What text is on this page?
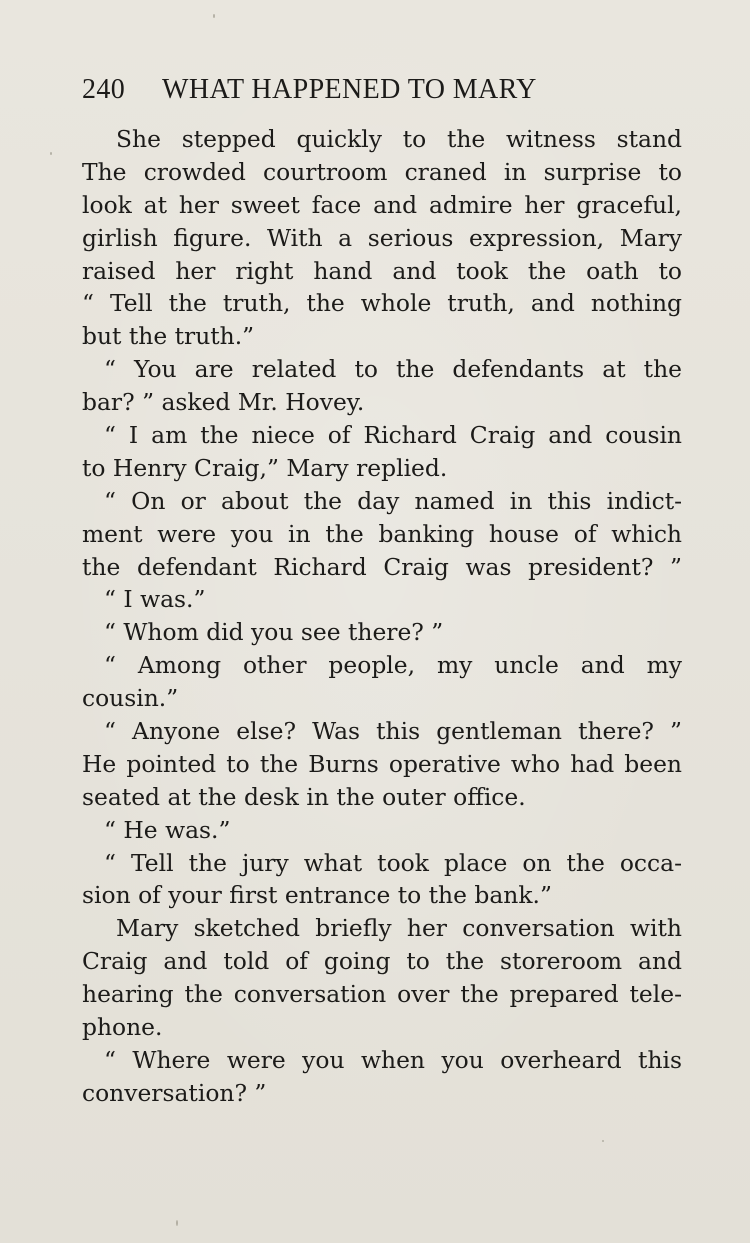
240 WHAT HAPPENED TO MARY
She stepped quickly to the witness stand
The crowded courtroom craned in surprise to
look at her sweet face and admire her graceful,
girlish figure. With a serious expression, Mary
raised her right hand and took the oath to
“ Tell the truth, the whole truth, and nothing
but the truth.”
“ You are related to the defendants at the
bar? ” asked Mr. Hovey.
“ I am the niece of Richard Craig and cousin
to Henry Craig,” Mary replied.
“ On or about the day named in this indict-
ment were you in the banking house of which
the defendant Richard Craig was president? ”
“ I was.”
“ Whom did you see there? ”
“ Among other people, my uncle and my
cousin.”
“ Anyone else? Was this gentleman there? ”
He pointed to the Burns operative who had been
seated at the desk in the outer office.
“ He was.”
“ Tell the jury what took place on the occa-
sion of your first entrance to the bank.”
Mary sketched briefly her conversation with
Craig and told of going to the storeroom and
hearing the conversation over the prepared tele-
phone.
“ Where were you when you overheard this
conversation? ”
